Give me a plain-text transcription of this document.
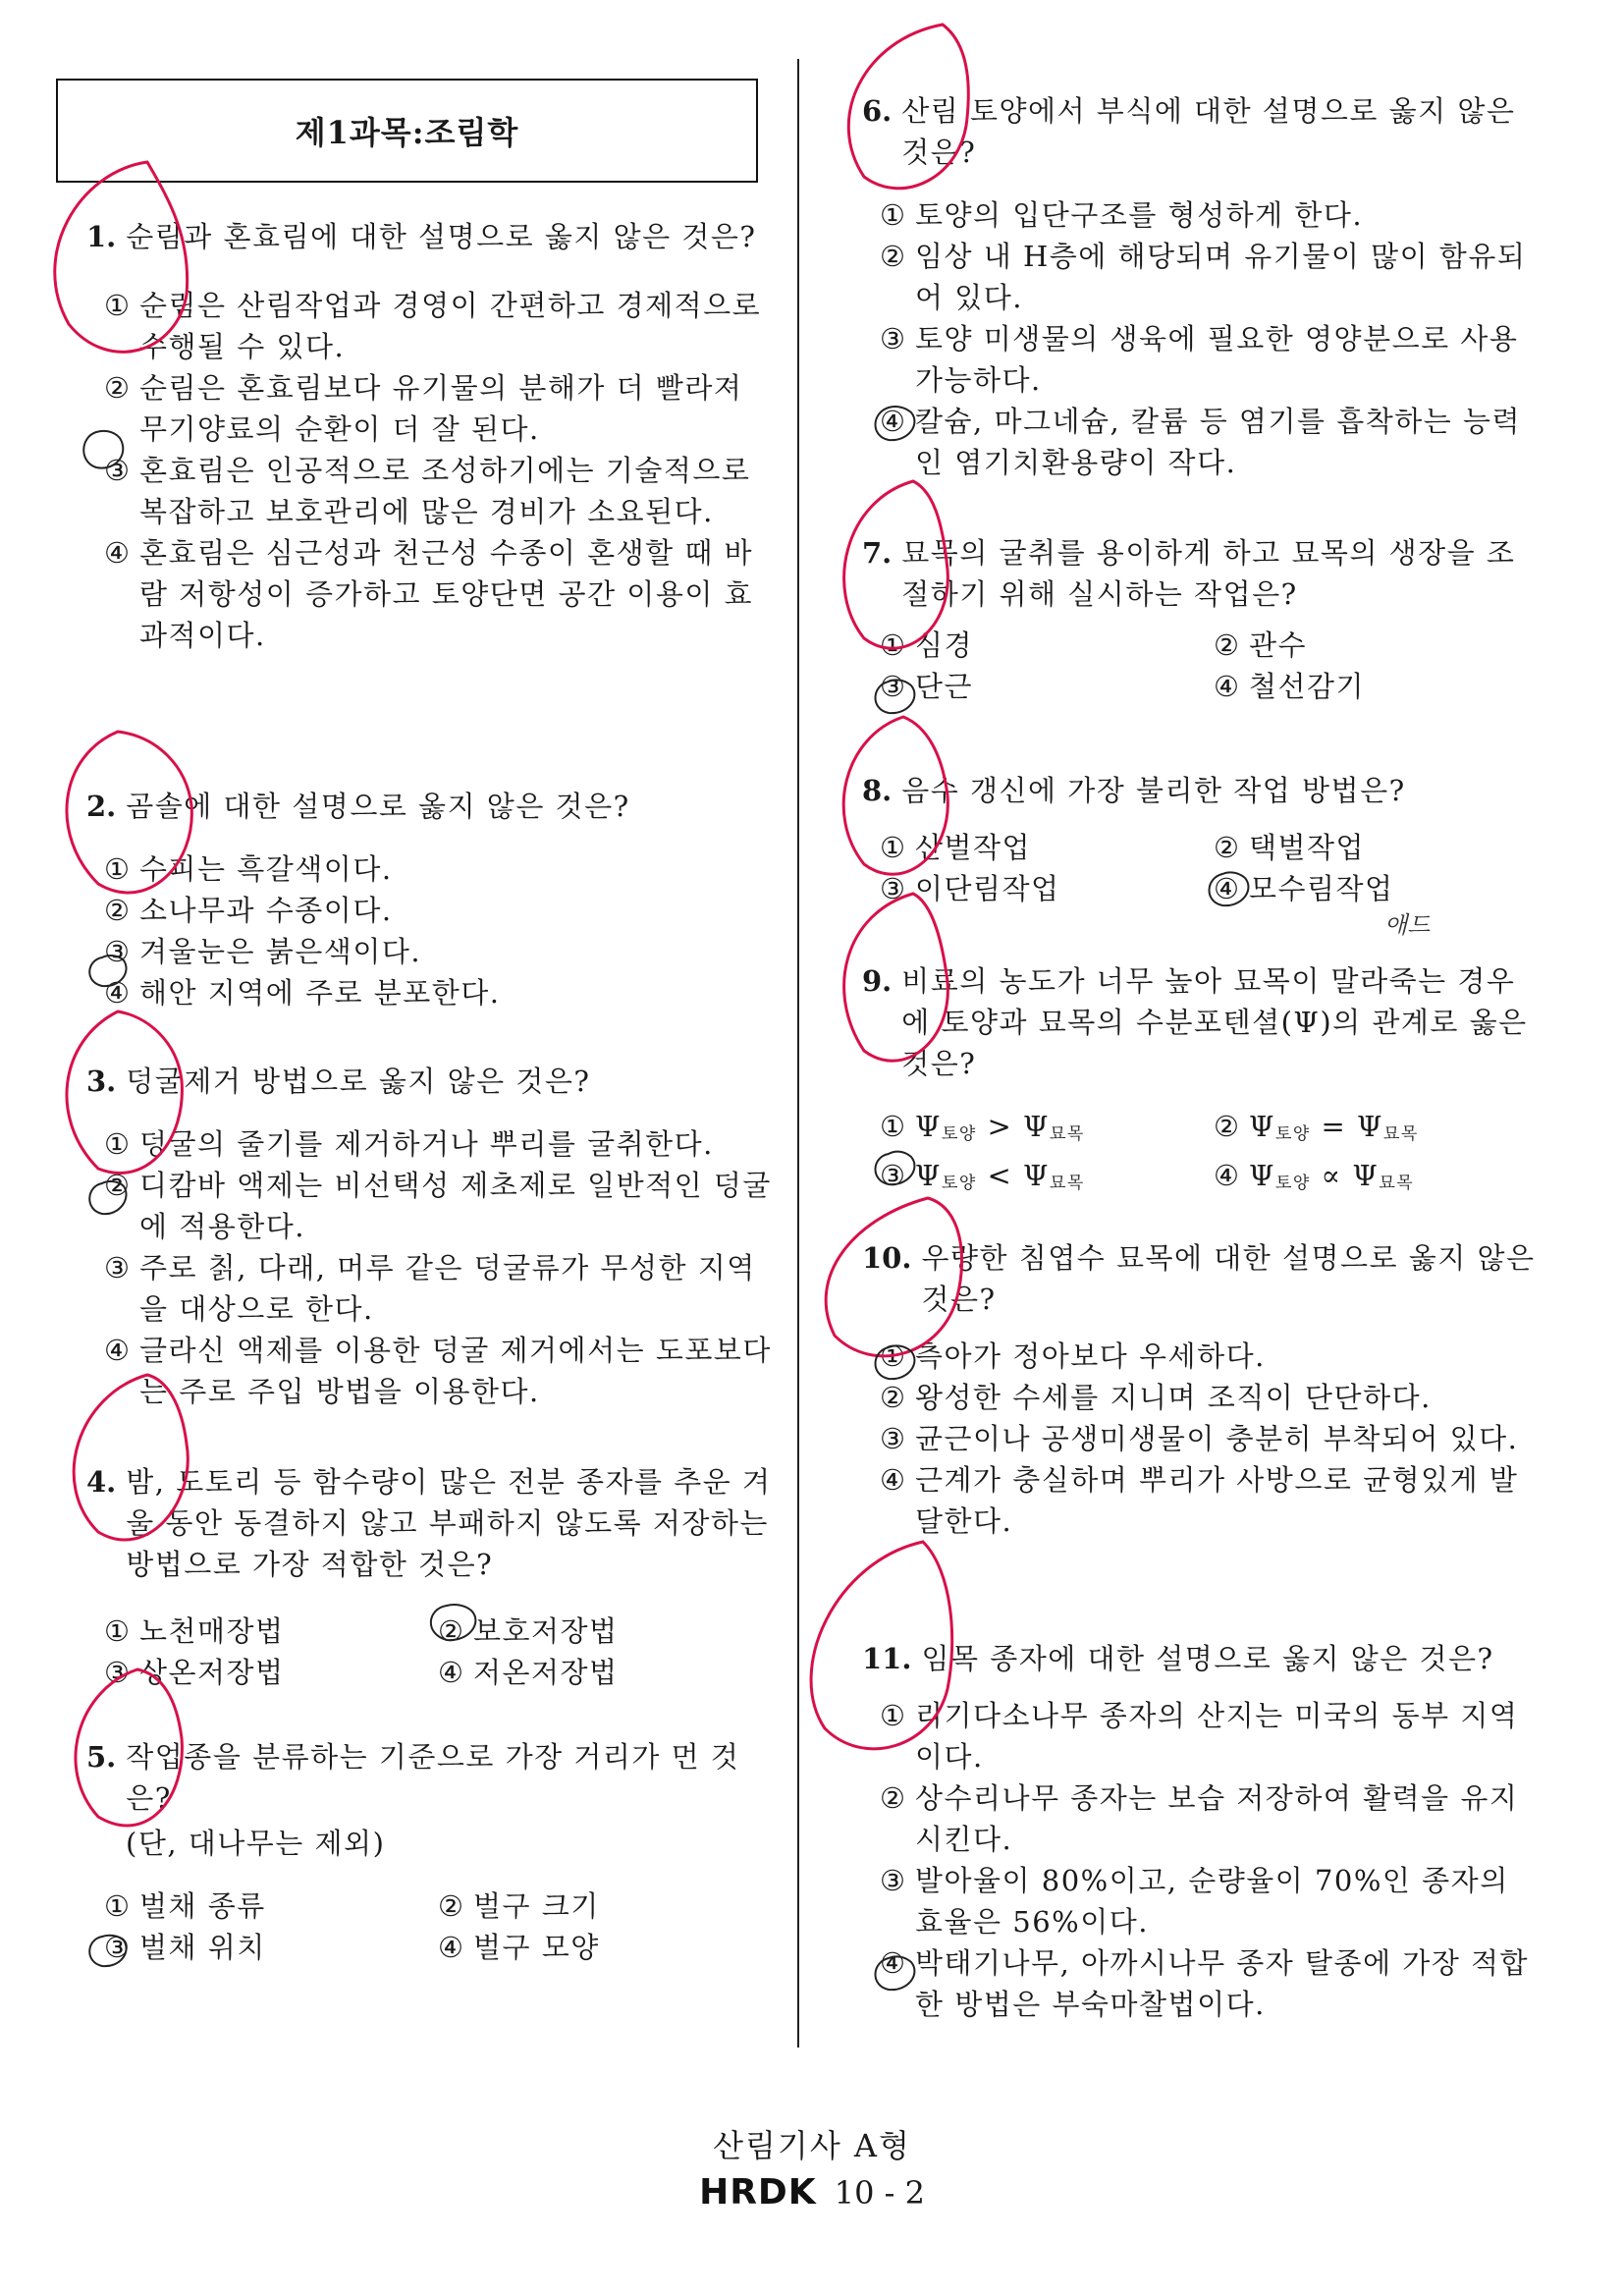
제1과목:조림학
1. 순림과 혼효림에 대한 설명으로 옳지 않은 것은?
① 순림은 산림작업과 경영이 간편하고 경제적으로 수행될 수 있다.
② 순림은 혼효림보다 유기물의 분해가 더 빨라져 무기양료의 순환이 더 잘 된다.
③ 혼효림은 인공적으로 조성하기에는 기술적으로 복잡하고 보호관리에 많은 경비가 소요된다.
④ 혼효림은 심근성과 천근성 수종이 혼생할 때 바람 저항성이 증가하고 토양단면 공간 이용이 효과적이다.
2. 곰솔에 대한 설명으로 옳지 않은 것은?
① 수피는 흑갈색이다.
② 소나무과 수종이다.
③ 겨울눈은 붉은색이다.
④ 해안 지역에 주로 분포한다.
3. 덩굴제거 방법으로 옳지 않은 것은?
① 덩굴의 줄기를 제거하거나 뿌리를 굴취한다.
② 디캄바 액제는 비선택성 제초제로 일반적인 덩굴에 적용한다.
③ 주로 칡, 다래, 머루 같은 덩굴류가 무성한 지역을 대상으로 한다.
④ 글라신 액제를 이용한 덩굴 제거에서는 도포보다는 주로 주입 방법을 이용한다.
4. 밤, 도토리 등 함수량이 많은 전분 종자를 추운 겨울 동안 동결하지 않고 부패하지 않도록 저장하는 방법으로 가장 적합한 것은?
① 노천매장법	② 보호저장법
③ 상온저장법	④ 저온저장법
5. 작업종을 분류하는 기준으로 가장 거리가 먼 것은?
(단, 대나무는 제외)
① 벌채 종류	② 벌구 크기
③ 벌채 위치	④ 벌구 모양
6. 산림 토양에서 부식에 대한 설명으로 옳지 않은 것은?
① 토양의 입단구조를 형성하게 한다.
② 임상 내 H층에 해당되며 유기물이 많이 함유되어 있다.
③ 토양 미생물의 생육에 필요한 영양분으로 사용 가능하다.
④ 칼슘, 마그네슘, 칼륨 등 염기를 흡착하는 능력인 염기치환용량이 작다.
7. 묘목의 굴취를 용이하게 하고 묘목의 생장을 조절하기 위해 실시하는 작업은?
① 심경	② 관수
③ 단근	④ 철선감기
8. 음수 갱신에 가장 불리한 작업 방법은?
① 산벌작업	② 택벌작업
③ 이단림작업	④ 모수림작업
9. 비료의 농도가 너무 높아 묘목이 말라죽는 경우에 토양과 묘목의 수분포텐셜(Ψ)의 관계로 옳은 것은?
① $\Psi_{토양} > \Psi_{묘목}$	② $\Psi_{토양} = \Psi_{묘목}$
③ $\Psi_{토양} < \Psi_{묘목}$	④ $\Psi_{토양} \propto \Psi_{묘목}$
10. 우량한 침엽수 묘목에 대한 설명으로 옳지 않은 것은?
① 측아가 정아보다 우세하다.
② 왕성한 수세를 지니며 조직이 단단하다.
③ 균근이나 공생미생물이 충분히 부착되어 있다.
④ 근계가 충실하며 뿌리가 사방으로 균형있게 발달한다.
11. 임목 종자에 대한 설명으로 옳지 않은 것은?
① 리기다소나무 종자의 산지는 미국의 동부 지역이다.
② 상수리나무 종자는 보습 저장하여 활력을 유지시킨다.
③ 발아율이 80%이고, 순량율이 70%인 종자의 효율은 56%이다.
④ 박태기나무, 아까시나무 종자 탈종에 가장 적합한 방법은 부숙마찰법이다.
산림기사 A형
HRDK 10 - 2
애드
